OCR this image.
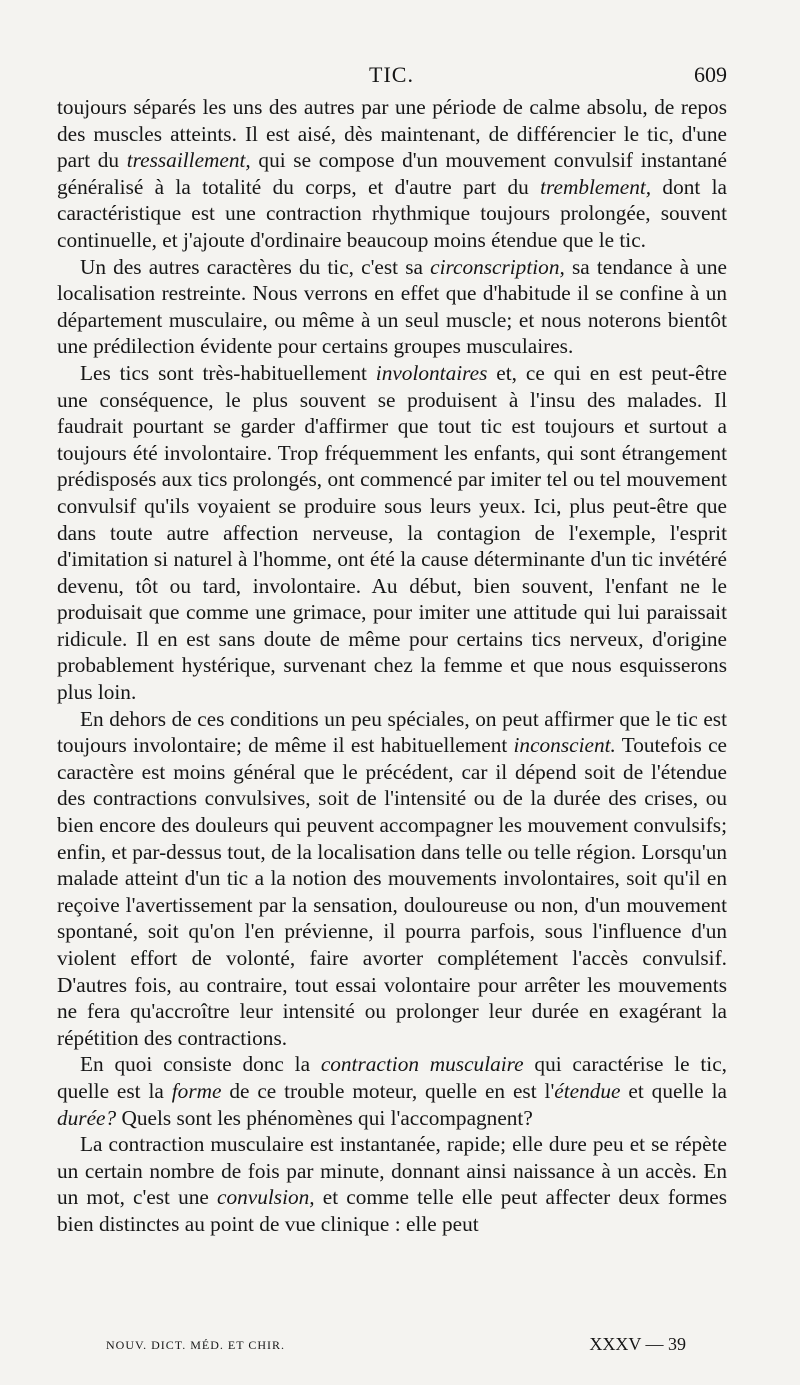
TIC.	609

toujours séparés les uns des autres par une période de calme absolu, de repos des muscles atteints. Il est aisé, dès maintenant, de différencier le tic, d'une part du tressaillement, qui se compose d'un mouvement convulsif instantané généralisé à la totalité du corps, et d'autre part du tremblement, dont la caractéristique est une contraction rhythmique toujours prolongée, souvent continuelle, et j'ajoute d'ordinaire beaucoup moins étendue que le tic.

Un des autres caractères du tic, c'est sa circonscription, sa tendance à une localisation restreinte. Nous verrons en effet que d'habitude il se confine à un département musculaire, ou même à un seul muscle; et nous noterons bientôt une prédilection évidente pour certains groupes musculaires.

Les tics sont très-habituellement involontaires et, ce qui en est peut-être une conséquence, le plus souvent se produisent à l'insu des malades. Il faudrait pourtant se garder d'affirmer que tout tic est toujours et surtout a toujours été involontaire. Trop fréquemment les enfants, qui sont étrangement prédisposés aux tics prolongés, ont commencé par imiter tel ou tel mouvement convulsif qu'ils voyaient se produire sous leurs yeux. Ici, plus peut-être que dans toute autre affection nerveuse, la contagion de l'exemple, l'esprit d'imitation si naturel à l'homme, ont été la cause déterminante d'un tic invétéré devenu, tôt ou tard, involontaire. Au début, bien souvent, l'enfant ne le produisait que comme une grimace, pour imiter une attitude qui lui paraissait ridicule. Il en est sans doute de même pour certains tics nerveux, d'origine probablement hystérique, survenant chez la femme et que nous esquisserons plus loin.

En dehors de ces conditions un peu spéciales, on peut affirmer que le tic est toujours involontaire; de même il est habituellement inconscient. Toutefois ce caractère est moins général que le précédent, car il dépend soit de l'étendue des contractions convulsives, soit de l'intensité ou de la durée des crises, ou bien encore des douleurs qui peuvent accompagner les mouvement convulsifs; enfin, et par-dessus tout, de la localisation dans telle ou telle région. Lorsqu'un malade atteint d'un tic a la notion des mouvements involontaires, soit qu'il en reçoive l'avertissement par la sensation, douloureuse ou non, d'un mouvement spontané, soit qu'on l'en prévienne, il pourra parfois, sous l'influence d'un violent effort de volonté, faire avorter complétement l'accès convulsif. D'autres fois, au contraire, tout essai volontaire pour arrêter les mouvements ne fera qu'accroître leur intensité ou prolonger leur durée en exagérant la répétition des contractions.

En quoi consiste donc la contraction musculaire qui caractérise le tic, quelle est la forme de ce trouble moteur, quelle en est l'étendue et quelle la durée? Quels sont les phénomènes qui l'accompagnent?

La contraction musculaire est instantanée, rapide; elle dure peu et se répète un certain nombre de fois par minute, donnant ainsi naissance à un accès. En un mot, c'est une convulsion, et comme telle elle peut affecter deux formes bien distinctes au point de vue clinique : elle peut

NOUV. DICT. MÉD. ET CHIR.	XXXV — 39
